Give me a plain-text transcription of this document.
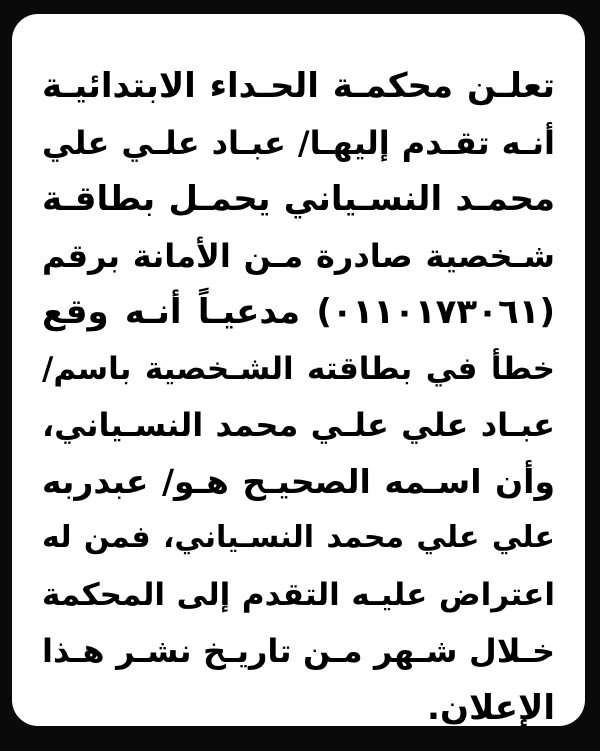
تعلـن محكمـة الحـداء الابتدائيـة
أنـه تقـدم إليهـا/ عبـاد علـي علي
محمـد النسـياني يحمـل بطاقـة
شـخصية صادرة مـن الأمانة برقم
(٠١١٠١٧٣٠٦١) مدعيـاً أنـه وقع
خطأ في بطاقته الشـخصية باسم/
عبـاد علي علـي محمد النسـياني،
وأن اسـمه الصحيـح هـو/ عبدربه
علي علي محمد النسـياني، فمن له
اعتراض عليـه التقدم إلى المحكمة
خـلال شـهر مـن تاريـخ نشـر هـذا
الإعلان.
